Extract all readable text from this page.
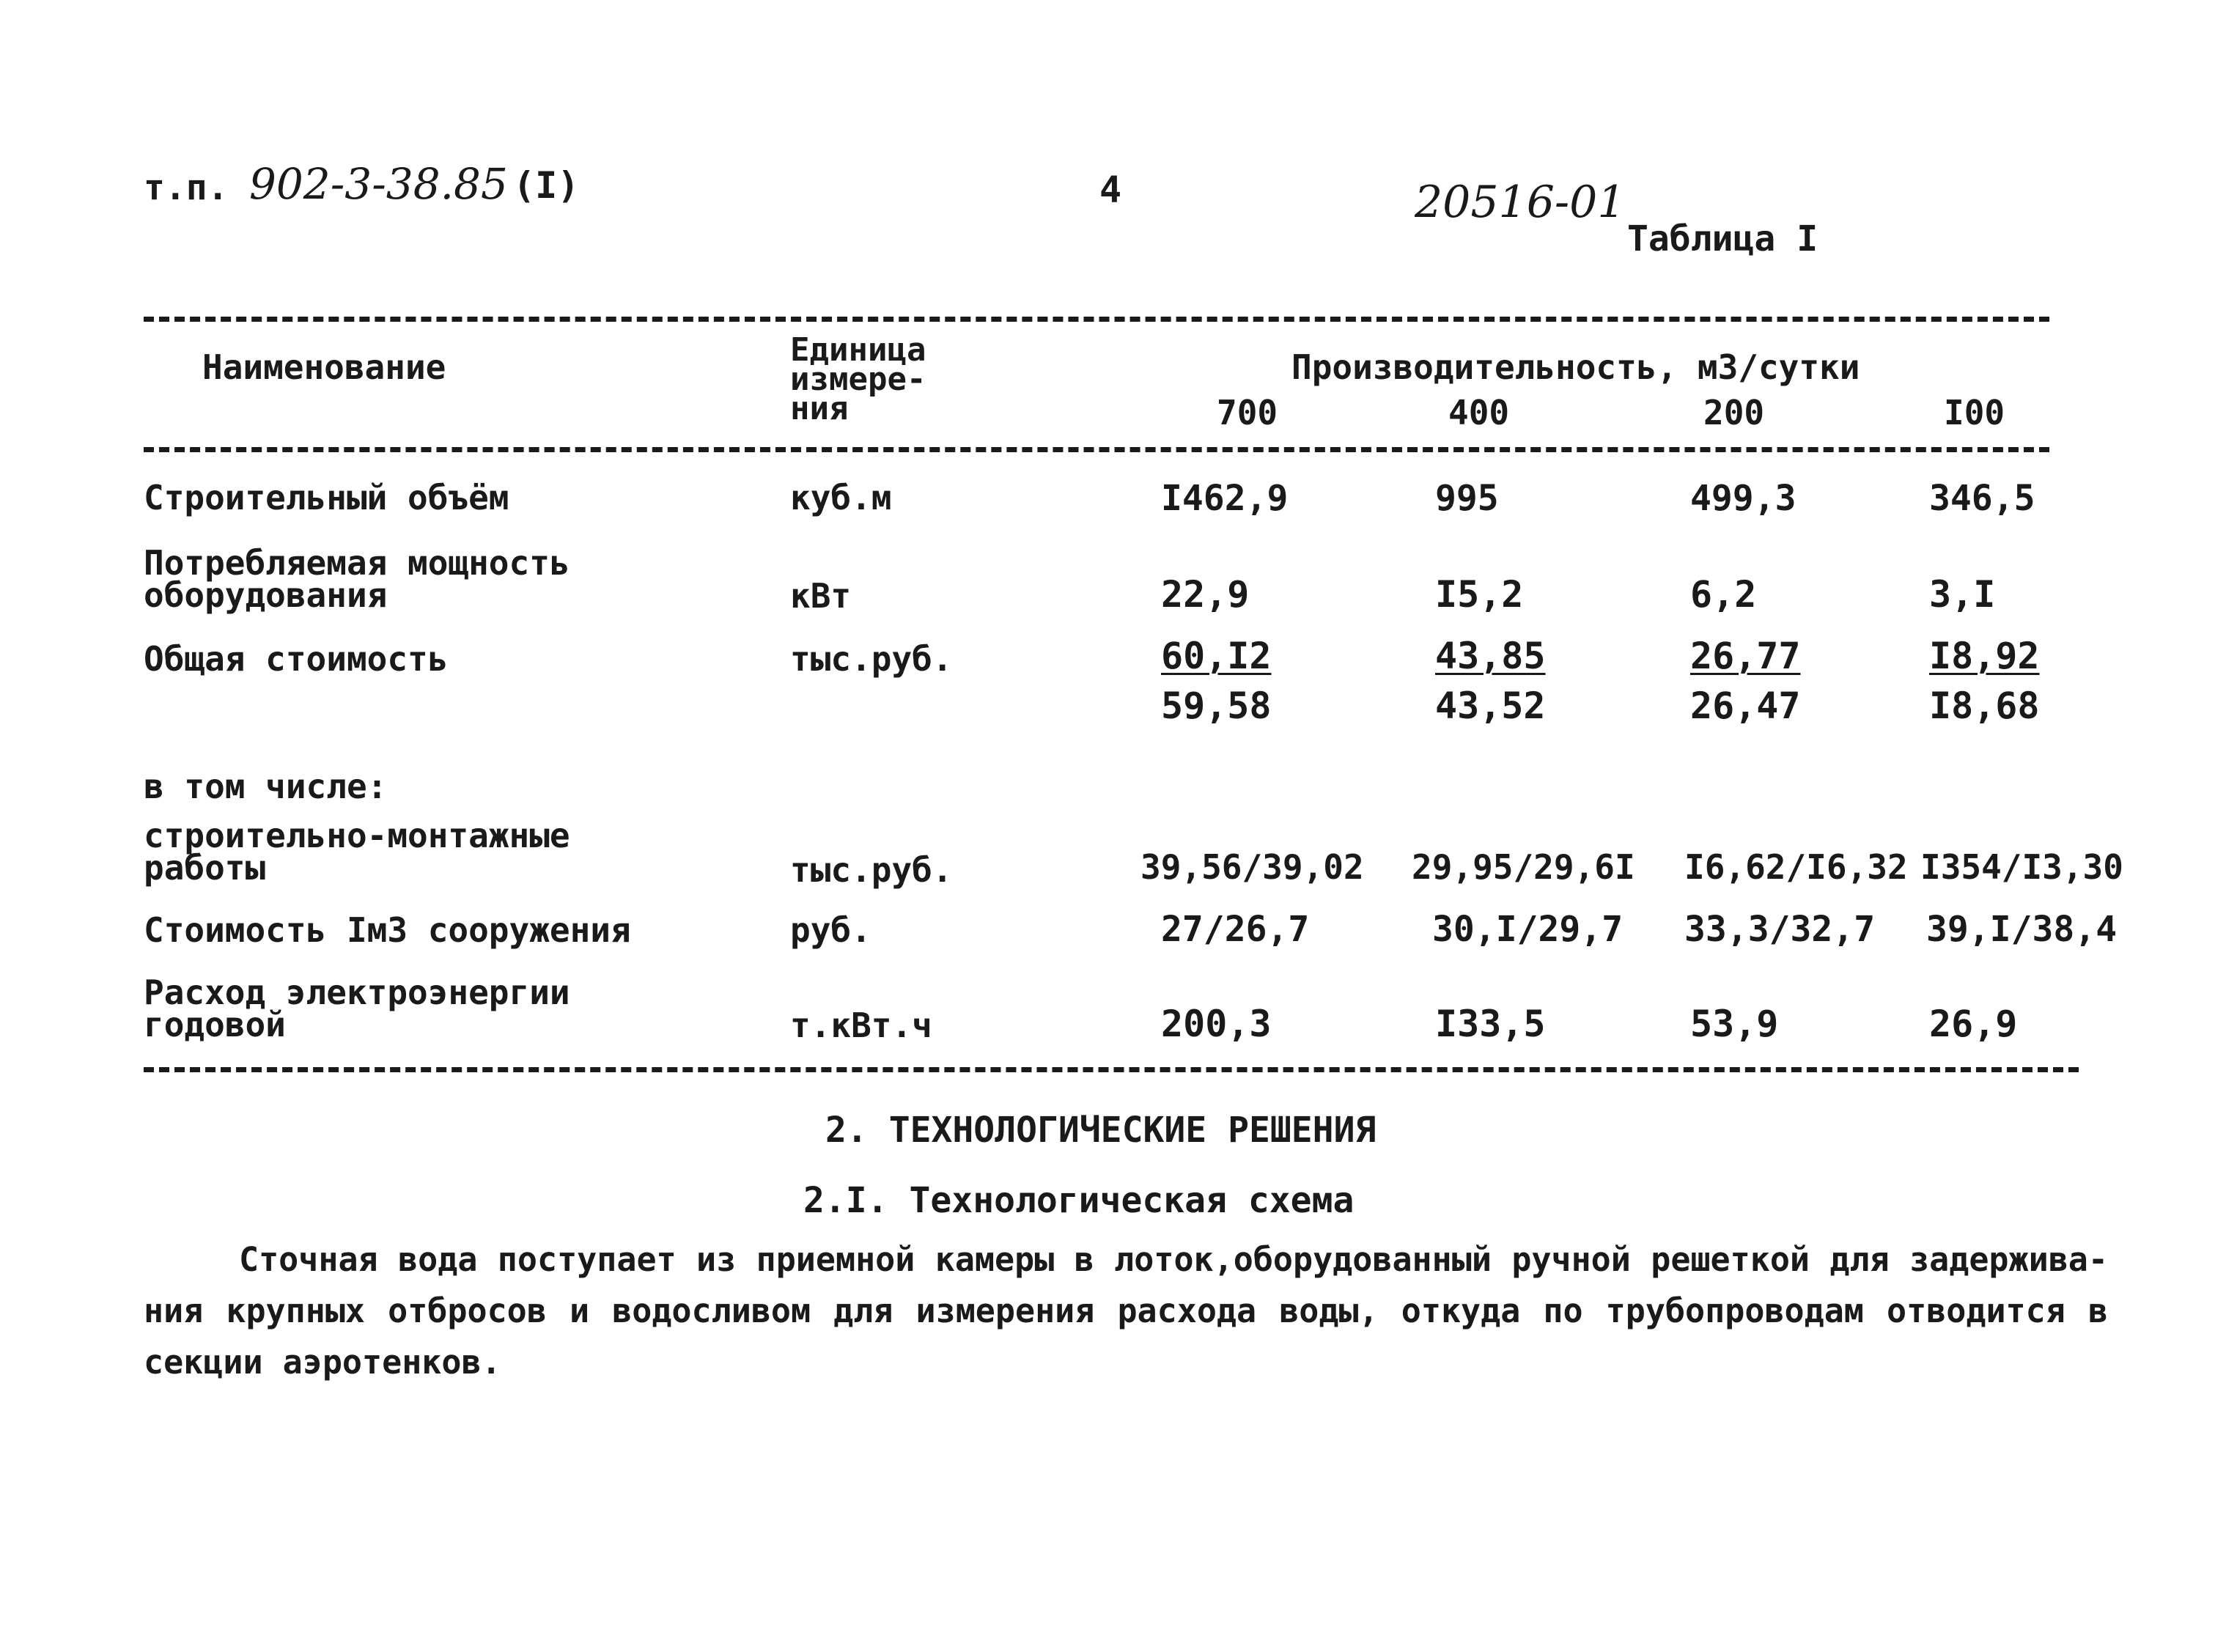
т.п. 902-3-38.85 (I)	4	20516-01
Таблица I
Наименование	Единица
измере-
ния
Производительность, м3/сутки
700	400	200	I00
Строительный объём	куб.м	I462,9	995	499,3	346,5
Потребляемая мощность
оборудования	кВт	22,9	I5,2	6,2	3,I
Общая стоимость	тыс.руб.	60,I2	43,85	26,77	I8,92
59,58	43,52	26,47	I8,68
в том числе:
строительно-монтажные
работы	тыс.руб.	39,56/39,02 29,95/29,6I I6,62/I6,32 I354/I3,30
Стоимость Iм3 сооружения	руб.	27/26,7	30,I/29,7 33,3/32,7 39,I/38,4
Расход электроэнергии
годовой	т.кВт.ч	200,3	I33,5	53,9	26,9
2. ТЕХНОЛОГИЧЕСКИЕ РЕШЕНИЯ
2.I. Технологическая схема
Сточная вода поступает из приемной камеры в лоток,оборудованный ручной решеткой для задержива-ния крупных отбросов и водосливом для измерения расхода воды, откуда по трубопроводам отводится в секции аэротенков.
